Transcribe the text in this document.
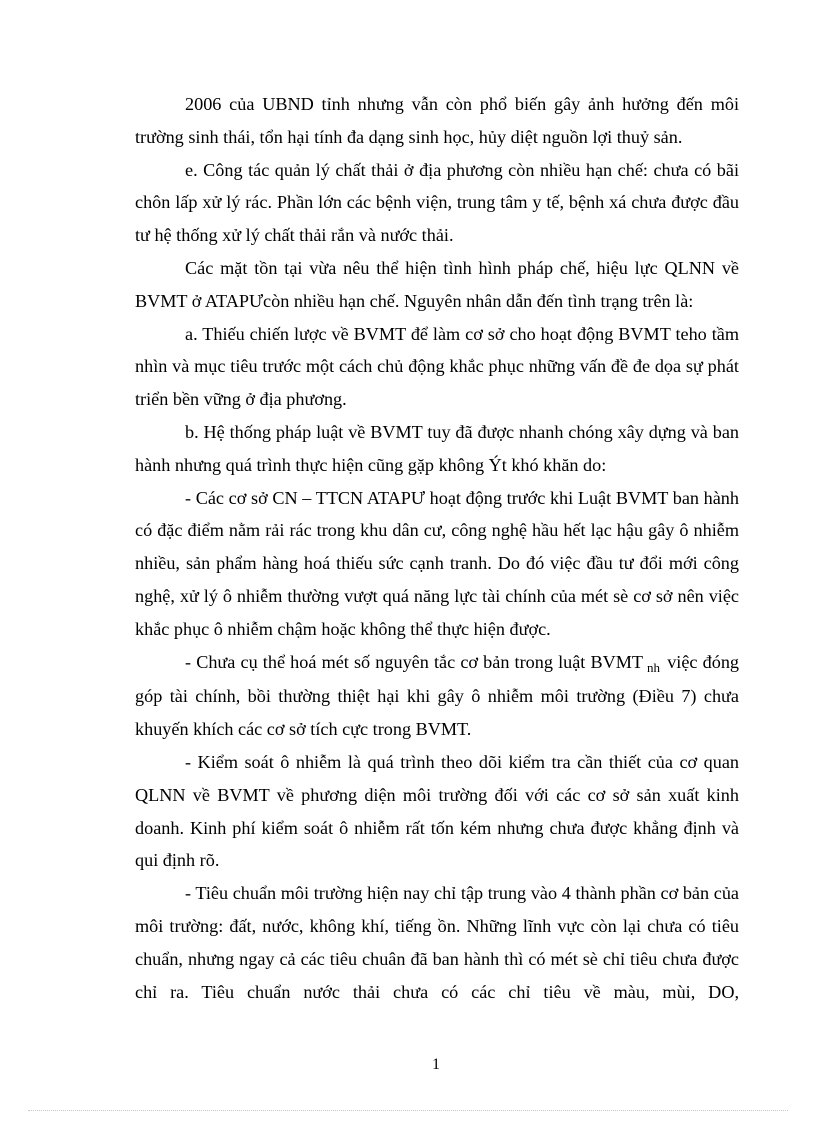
2006 của UBND tỉnh nhưng vẫn còn phổ biến gây ảnh hưởng đến môi trường sinh thái, tổn hại tính đa dạng sinh học, hủy diệt nguồn lợi thuỷ sản.

e. Công tác quản lý chất thải ở địa phương còn nhiều hạn chế: chưa có bãi chôn lấp xử lý rác. Phần lớn các bệnh viện, trung tâm y tế, bệnh xá chưa được đầu tư hệ thống xử lý chất thải rắn và nước thải.

Các mặt tồn tại vừa nêu thể hiện tình hình pháp chế, hiệu lực QLNN về BVMT ở ATAPƯcòn nhiều hạn chế. Nguyên nhân dẫn đến tình trạng trên là:

a. Thiếu chiến lược về BVMT để làm cơ sở cho hoạt động BVMT teho tầm nhìn và mục tiêu trước một cách chủ động khắc phục những vấn đề đe dọa sự phát triển bền vững ở địa phương.

b. Hệ thống pháp luật về BVMT tuy đã được nhanh chóng xây dựng và ban hành nhưng quá trình thực hiện cũng gặp không Ýt khó khăn do:

- Các cơ sở CN – TTCN ATAPƯ hoạt động trước khi Luật BVMT ban hành có đặc điểm nằm rải rác trong khu dân cư, công nghệ hầu hết lạc hậu gây ô nhiễm nhiều, sản phẩm hàng hoá thiếu sức cạnh tranh. Do đó việc đầu tư đổi mới công nghệ, xử lý ô nhiễm thường vượt quá năng lực tài chính của mét sè cơ sở nên việc khắc phục ô nhiễm chậm hoặc không thể thực hiện được.

- Chưa cụ thể hoá mét số nguyên tắc cơ bản trong luật BVMT $_{nh}$ việc đóng góp tài chính, bồi thường thiệt hại khi gây ô nhiễm môi trường (Điều 7) chưa khuyến khích các cơ sở tích cực trong BVMT.

- Kiểm soát ô nhiễm là quá trình theo dõi kiểm tra cần thiết của cơ quan QLNN về BVMT về phương diện môi trường đối với các cơ sở sản xuất kinh doanh. Kinh phí kiểm soát ô nhiễm rất tốn kém nhưng chưa được khẳng định và qui định rõ.

- Tiêu chuẩn môi trường hiện nay chỉ tập trung vào 4 thành phần cơ bản của môi trường: đất, nước, không khí, tiếng ồn. Những lĩnh vực còn lại chưa có tiêu chuẩn, nhưng ngay cả các tiêu chuân đã ban hành thì có mét sè chỉ tiêu chưa được chỉ ra. Tiêu chuẩn nước thải chưa có các chỉ tiêu về màu, mùi, DO,

1
